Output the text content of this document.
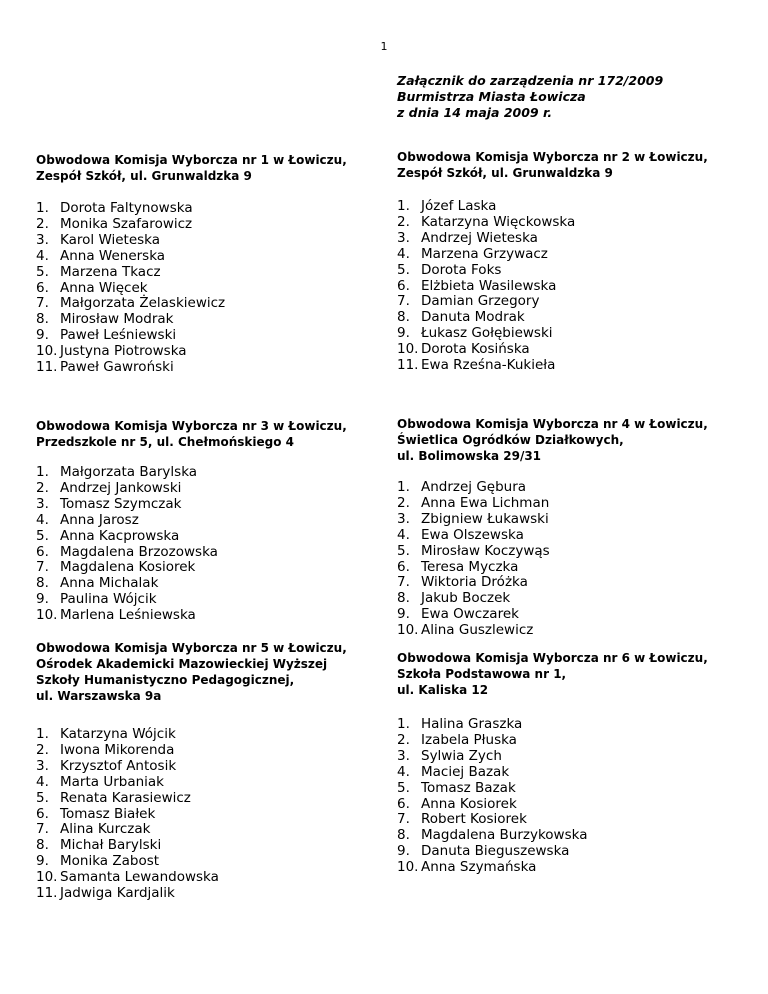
1
Załącznik do zarządzenia nr 172/2009
Burmistrza Miasta Łowicza
z dnia 14 maja 2009 r.
Obwodowa Komisja Wyborcza nr 1 w Łowiczu,
Zespół Szkół, ul. Grunwaldzka 9
1. Dorota Faltynowska
2. Monika Szafarowicz
3. Karol Wieteska
4. Anna Wenerska
5. Marzena Tkacz
6. Anna Więcek
7. Małgorzata Żelaskiewicz
8. Mirosław Modrak
9. Paweł Leśniewski
10. Justyna Piotrowska
11. Paweł Gawroński
Obwodowa Komisja Wyborcza nr 2 w Łowiczu,
Zespół Szkół, ul. Grunwaldzka 9
1. Józef Laska
2. Katarzyna Więckowska
3. Andrzej Wieteska
4. Marzena Grzywacz
5. Dorota Foks
6. Elżbieta Wasilewska
7. Damian Grzegory
8. Danuta Modrak
9. Łukasz Gołębiewski
10. Dorota Kosińska
11. Ewa Rześna-Kukieła
Obwodowa Komisja Wyborcza nr 3 w Łowiczu,
Przedszkole nr 5, ul. Chełmońskiego 4
1. Małgorzata Barylska
2. Andrzej Jankowski
3. Tomasz Szymczak
4. Anna Jarosz
5. Anna Kacprowska
6. Magdalena Brzozowska
7. Magdalena Kosiorek
8. Anna Michalak
9. Paulina Wójcik
10. Marlena Leśniewska
Obwodowa Komisja Wyborcza nr 4 w Łowiczu,
Świetlica Ogródków Działkowych,
ul. Bolimowska 29/31
1. Andrzej Gębura
2. Anna Ewa Lichman
3. Zbigniew Łukawski
4. Ewa Olszewska
5. Mirosław Koczywąs
6. Teresa Myczka
7. Wiktoria Dróżka
8. Jakub Boczek
9. Ewa Owczarek
10. Alina Guszlewicz
Obwodowa Komisja Wyborcza nr 5 w Łowiczu,
Ośrodek Akademicki Mazowieckiej Wyższej
Szkoły Humanistyczno Pedagogicznej,
ul. Warszawska 9a
1. Katarzyna Wójcik
2. Iwona Mikorenda
3. Krzysztof Antosik
4. Marta Urbaniak
5. Renata Karasiewicz
6. Tomasz Białek
7. Alina Kurczak
8. Michał Barylski
9. Monika Zabost
10. Samanta Lewandowska
11. Jadwiga Kardjalik
Obwodowa Komisja Wyborcza nr 6 w Łowiczu,
Szkoła Podstawowa nr 1,
ul. Kaliska 12
1. Halina Graszka
2. Izabela Płuska
3. Sylwia Zych
4. Maciej Bazak
5. Tomasz Bazak
6. Anna Kosiorek
7. Robert Kosiorek
8. Magdalena Burzykowska
9. Danuta Bieguszewska
10. Anna Szymańska
